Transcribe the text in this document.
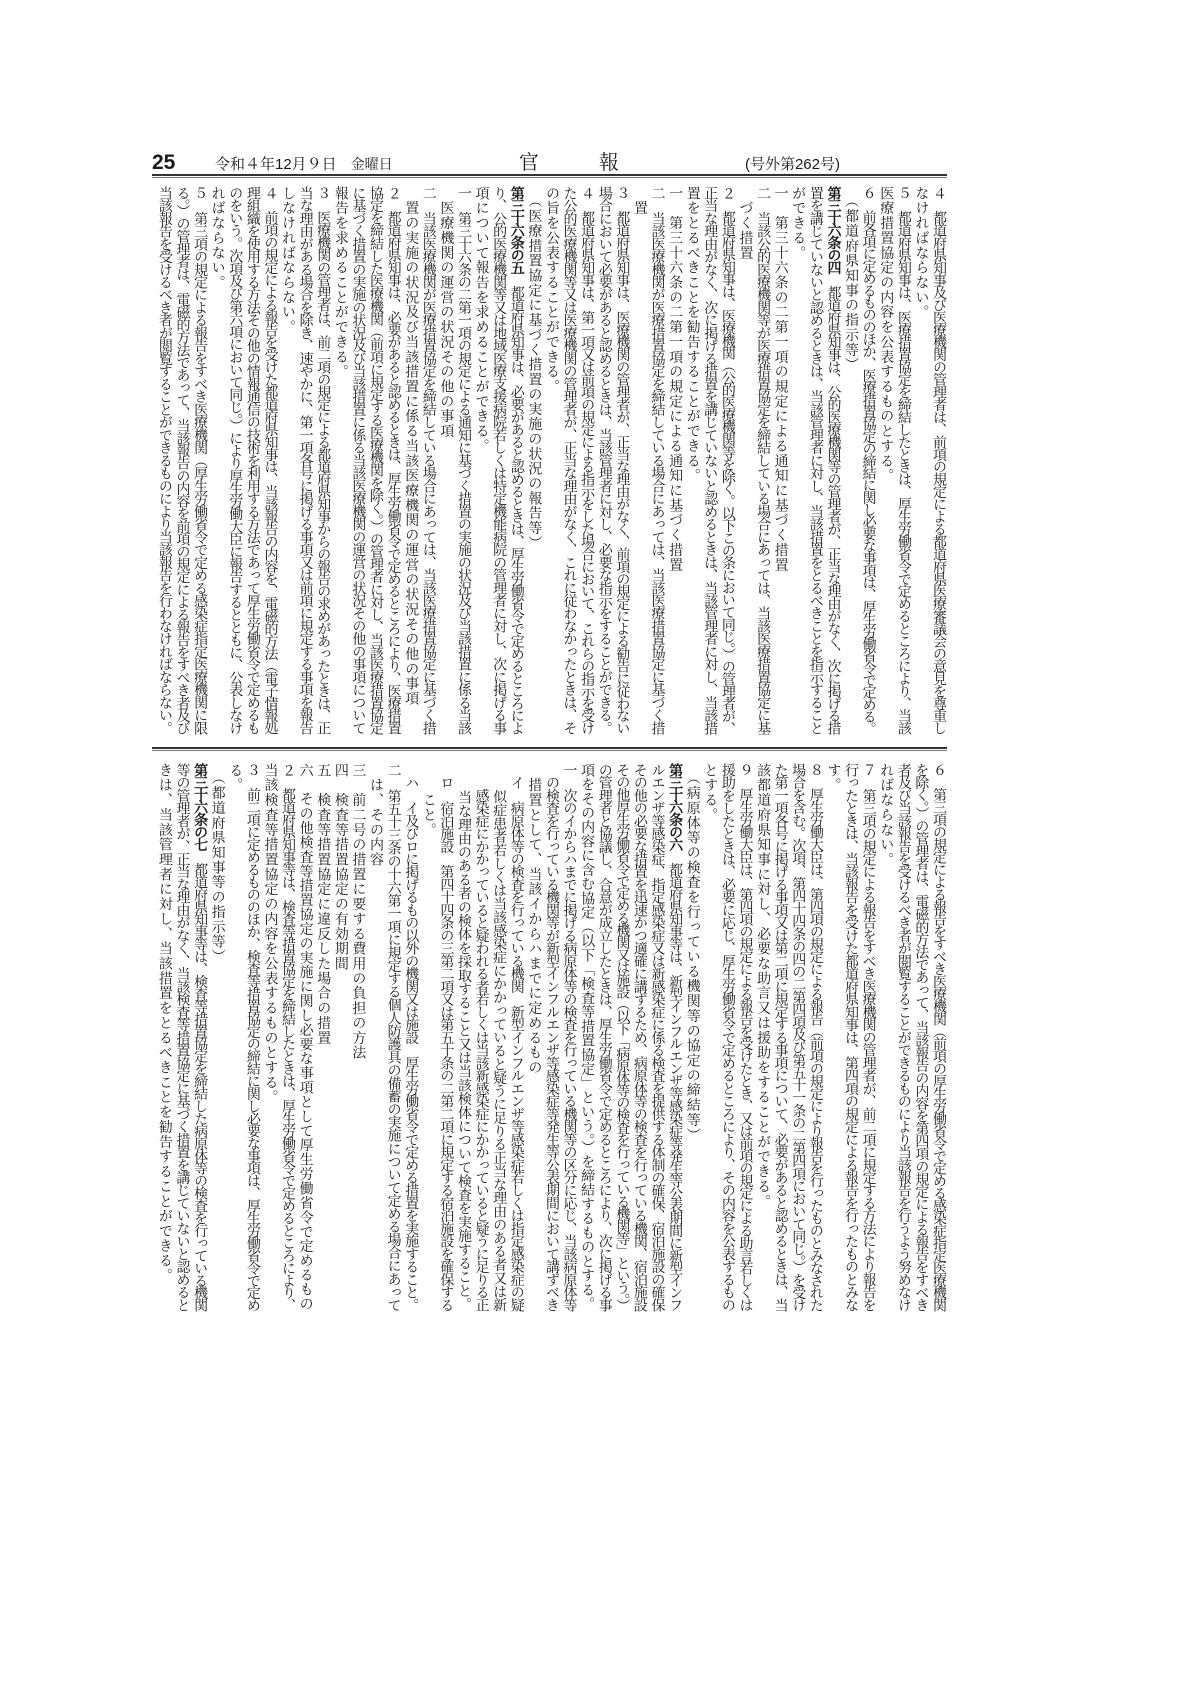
25	令和４年12月９日 金曜日	官	報	(号外第262号)
４　都道府県知事及び医療機関の管理者は、前項の規定による都道府県医療審議会の意見を尊重し
なければならない。
５　都道府県知事は、医療措置協定を締結したときは、厚生労働省令で定めるところにより、当該
医療措置協定の内容を公表するものとする。
６　前各項に定めるもののほか、医療措置協定の締結に関し必要な事項は、厚生労働省令で定める。
　（都道府県知事の指示等）
第三十六条の四　都道府県知事は、公的医療機関等の管理者が、正当な理由がなく、次に掲げる措
置を講じていないと認めるときは、当該管理者に対し、当該措置をとるべきことを指示すること
ができる。
一　第三十六条の二第一項の規定による通知に基づく措置
二　当該公的医療機関等が医療措置協定を締結している場合にあっては、当該医療措置協定に基
　づく措置
２　都道府県知事は、医療機関（公的医療機関等を除く。以下この条において同じ。）の管理者が、
正当な理由がなく、次に掲げる措置を講じていないと認めるときは、当該管理者に対し、当該措
置をとるべきことを勧告することができる。
一　第三十六条の二第一項の規定による通知に基づく措置
二　当該医療機関が医療措置協定を締結している場合にあっては、当該医療措置協定に基づく措
　置
３　都道府県知事は、医療機関の管理者が、正当な理由がなく、前項の規定による勧告に従わない
場合において必要があると認めるときは、当該管理者に対し、必要な指示をすることができる。
４　都道府県知事は、第一項又は前項の規定による指示をした場合において、これらの指示を受け
た公的医療機関等又は医療機関の管理者が、正当な理由がなく、これに従わなかったときは、そ
の旨を公表することができる。
　（医療措置協定に基づく措置の実施の状況の報告等）
第三十六条の五　都道府県知事は、必要があると認めるときは、厚生労働省令で定めるところによ
り、公的医療機関等又は地域医療支援病院若しくは特定機能病院の管理者に対し、次に掲げる事
項について報告を求めることができる。
一　第三十六条の二第一項の規定による通知に基づく措置の実施の状況及び当該措置に係る当該
　医療機関の運営の状況その他の事項
二　当該医療機関が医療措置協定を締結している場合にあっては、当該医療措置協定に基づく措
　置の実施の状況及び当該措置に係る当該医療機関の運営の状況その他の事項
２　都道府県知事は、必要があると認めるときは、厚生労働省令で定めるところにより、医療措置
協定を締結した医療機関（前項に規定する医療機関を除く。）の管理者に対し、当該医療措置協定
に基づく措置の実施の状況及び当該措置に係る当該医療機関の運営の状況その他の事項について
報告を求めることができる。
３　医療機関の管理者は、前二項の規定による都道府県知事からの報告の求めがあったときは、正
当な理由がある場合を除き、速やかに、第一項各号に掲げる事項又は前項に規定する事項を報告
しなければならない。
４　前項の規定による報告を受けた都道府県知事は、当該報告の内容を、電磁的方法（電子情報処
理組織を使用する方法その他の情報通信の技術を利用する方法であって厚生労働省令で定めるも
のをいう。次項及び第六項において同じ。）により厚生労働大臣に報告するとともに、公表しなけ
ればならない。
５　第三項の規定による報告をすべき医療機関（厚生労働省令で定める感染症指定医療機関に限
る。）の管理者は、電磁的方法であって、当該報告の内容を前項の規定による報告をすべき者及び
当該報告を受けるべき者が閲覧することができるものにより当該報告を行わなければならない。
６　第三項の規定による報告をすべき医療機関（前項の厚生労働省令で定める感染症指定医療機関
を除く。）の管理者は、電磁的方法であって、当該報告の内容を第四項の規定による報告をすべき
者及び当該報告を受けるべき者が閲覧することができるものにより当該報告を行うよう努めなけ
ればならない。
７　第三項の規定による報告をすべき医療機関の管理者が、前二項に規定する方法により報告を
行ったときは、当該報告を受けた都道府県知事は、第四項の規定による報告を行ったものとみな
す。
８　厚生労働大臣は、第四項の規定による報告（前項の規定により報告を行ったものとみなされた
場合を含む。次項、第四十四条の四の二第四項及び第五十一条の二第四項において同じ。）を受け
た第一項各号に掲げる事項又は第二項に規定する事項について、必要があると認めるときは、当
該都道府県知事に対し、必要な助言又は援助をすることができる。
９　厚生労働大臣は、第四項の規定による報告を受けたとき、又は前項の規定による助言若しくは
援助をしたときは、必要に応じ、厚生労働省令で定めるところにより、その内容を公表するもの
とする。
　（病原体等の検査を行っている機関等の協定の締結等）
第三十六条の六　都道府県知事等は、新型インフルエンザ等感染症等発生等公表期間に新型インフ
ルエンザ等感染症、指定感染症又は新感染症に係る検査を提供する体制の確保、宿泊施設の確保
その他の必要な措置を迅速かつ適確に講ずるため、病原体等の検査を行っている機関、宿泊施設
その他厚生労働省令で定める機関又は施設（以下「病原体等の検査を行っている機関等」という。）
の管理者と協議し、合意が成立したときは、厚生労働省令で定めるところにより、次に掲げる事
項をその内容に含む協定（以下「検査等措置協定」という。）を締結するものとする。
一　次のイからハまでに掲げる病原体等の検査を行っている機関等の区分に応じ、当該病原体等
　の検査を行っている機関等が新型インフルエンザ等感染症等発生等公表期間において講ずべき
　措置として、当該イからハまでに定めるもの
　イ　病原体等の検査を行っている機関　新型インフルエンザ等感染症若しくは指定感染症の疑
　　似症患者若しくは当該感染症にかかっていると疑うに足りる正当な理由のある者又は新
　　感染症にかかっていると疑われる者若しくは当該新感染症にかかっていると疑うに足りる正
　　当な理由のある者の検体を採取すること又は当該検体について検査を実施すること。
　ロ　宿泊施設　第四十四条の三第二項又は第五十条の二第二項に規定する宿泊施設を確保する
　　こと。
　ハ　イ及びロに掲げるもの以外の機関又は施設　厚生労働省令で定める措置を実施すること。
二　第五十三条の十六第一項に規定する個人防護具の備蓄の実施について定める場合にあって
　は、その内容
三　前二号の措置に要する費用の負担の方法
四　検査等措置協定の有効期間
五　検査等措置協定に違反した場合の措置
六　その他検査等措置協定の実施に関し必要な事項として厚生労働省令で定めるもの
２　都道府県知事等は、検査等措置協定を締結したときは、厚生労働省令で定めるところにより、
当該検査等措置協定の内容を公表するものとする。
３　前二項に定めるもののほか、検査等措置協定の締結に関し必要な事項は、厚生労働省令で定め
る。
　（都道府県知事等の指示等）
第三十六条の七　都道府県知事等は、検査等措置協定を締結した病原体等の検査を行っている機関
等の管理者が、正当な理由がなく、当該検査等措置協定に基づく措置を講じていないと認めると
きは、当該管理者に対し、当該措置をとるべきことを勧告することができる。
